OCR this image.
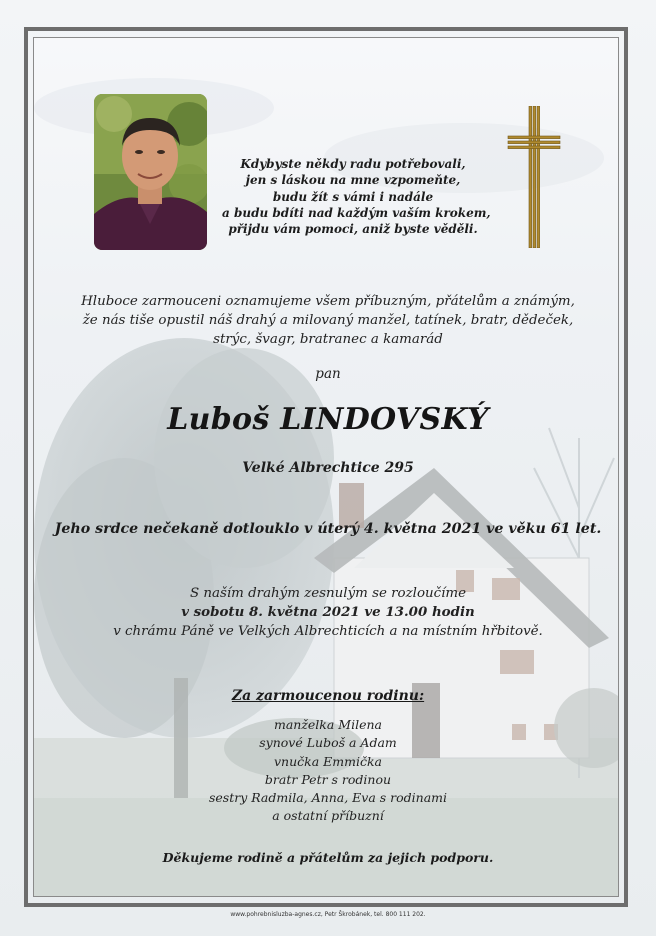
Kdybyste někdy radu potřebovali,
jen s láskou na mne vzpomeňte,
budu žít s vámi i nadále
a budu bdíti nad každým vaším krokem,
přijdu vám pomoci, aniž byste věděli.
Hluboce zarmouceni oznamujeme všem příbuzným, přátelům a známým,
že nás tiše opustil náš drahý a milovaný manžel, tatínek, bratr, dědeček,
strýc, švagr, bratranec a kamarád
pan
Luboš LINDOVSKÝ
Velké Albrechtice 295
Jeho srdce nečekaně dotlouklo v úterý 4. května 2021 ve věku 61 let.
S naším drahým zesnulým se rozloučíme
v sobotu 8. května 2021 ve 13.00 hodin
v chrámu Páně ve Velkých Albrechticích a na místním hřbitově.
Za zarmoucenou rodinu:
manželka Milena
synové Luboš a Adam
vnučka Emmička
bratr Petr s rodinou
sestry Radmila, Anna, Eva s rodinami
a ostatní příbuzní
Děkujeme rodině a přátelům za jejich podporu.
www.pohrebnisluzba-agnes.cz, Petr Škrobánek, tel. 800 111 202.
